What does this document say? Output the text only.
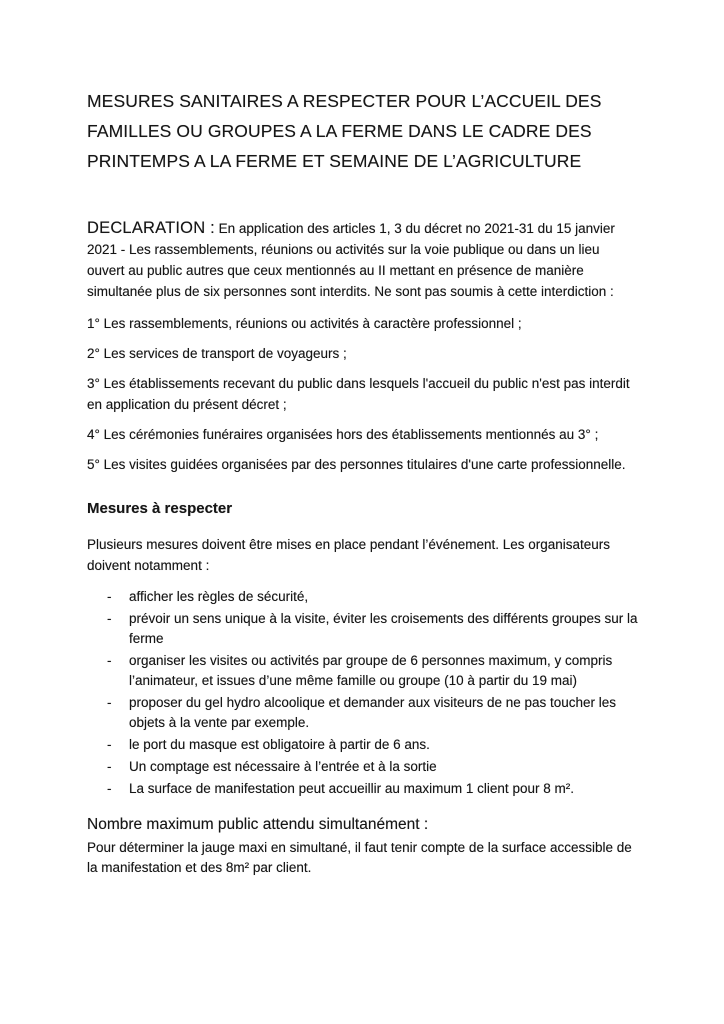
MESURES SANITAIRES A RESPECTER POUR L’ACCUEIL DES FAMILLES OU GROUPES A LA FERME DANS LE CADRE DES PRINTEMPS A LA FERME ET SEMAINE DE L’AGRICULTURE

DECLARATION : En application des articles 1, 3 du décret no 2021-31 du 15 janvier 2021 - Les rassemblements, réunions ou activités sur la voie publique ou dans un lieu ouvert au public autres que ceux mentionnés au II mettant en présence de manière simultanée plus de six personnes sont interdits. Ne sont pas soumis à cette interdiction :

1° Les rassemblements, réunions ou activités à caractère professionnel ;
2° Les services de transport de voyageurs ;
3° Les établissements recevant du public dans lesquels l'accueil du public n'est pas interdit en application du présent décret ;
4° Les cérémonies funéraires organisées hors des établissements mentionnés au 3° ;
5° Les visites guidées organisées par des personnes titulaires d'une carte professionnelle.
Mesures à respecter

Plusieurs mesures doivent être mises en place pendant l’événement. Les organisateurs doivent notamment :

- afficher les règles de sécurité,
- prévoir un sens unique à la visite, éviter les croisements des différents groupes sur la ferme
- organiser les visites ou activités par groupe de 6 personnes maximum, y compris l’animateur, et issues d’une même famille ou groupe (10 à partir du 19 mai)
- proposer du gel hydro alcoolique et demander aux visiteurs de ne pas toucher les objets à la vente par exemple.
- le port du masque est obligatoire à partir de 6 ans.
- Un comptage est nécessaire à l’entrée et à la sortie
- La surface de manifestation peut accueillir au maximum 1 client pour 8 m².
Nombre maximum public attendu simultanément :

Pour déterminer la jauge maxi en simultané, il faut tenir compte de la surface accessible de la manifestation et des 8m² par client.
